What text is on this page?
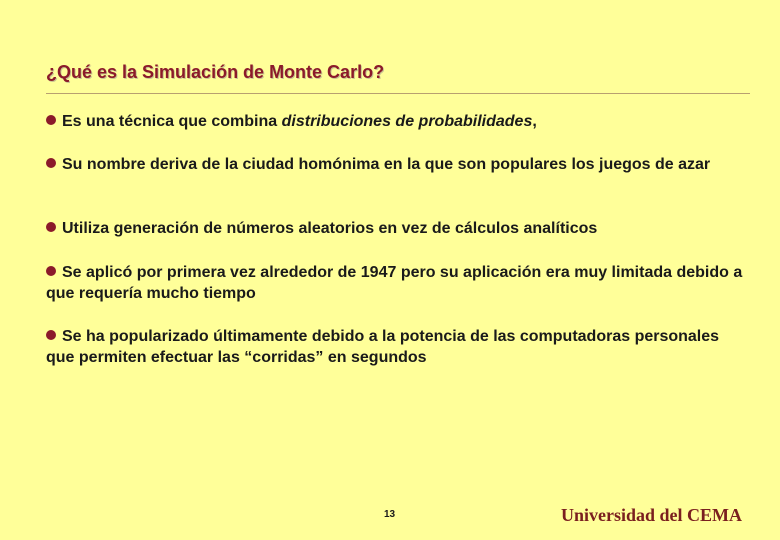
¿Qué es la Simulación de Monte Carlo?
Es una técnica que combina distribuciones de probabilidades,
Su nombre deriva de la ciudad homónima en la que son populares los juegos de azar
Utiliza generación de números aleatorios en vez de cálculos analíticos
Se aplicó por primera vez alrededor de 1947 pero su aplicación era muy limitada debido a que requería mucho tiempo
Se ha popularizado últimamente debido a la potencia de las computadoras personales que permiten efectuar las “corridas” en segundos
13	Universidad del CEMA
